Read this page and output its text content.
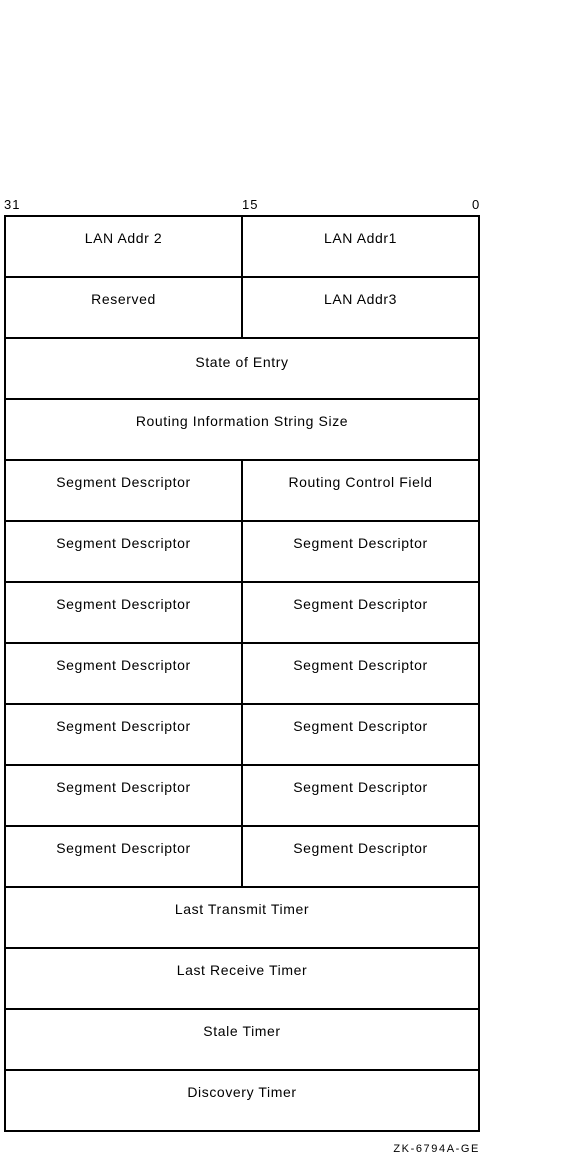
31	15	0
LAN Addr 2	LAN Addr1
Reserved	LAN Addr3
State of Entry
Routing Information String Size
Segment Descriptor	Routing Control Field
Segment Descriptor	Segment Descriptor
Segment Descriptor	Segment Descriptor
Segment Descriptor	Segment Descriptor
Segment Descriptor	Segment Descriptor
Segment Descriptor	Segment Descriptor
Segment Descriptor	Segment Descriptor
Last Transmit Timer
Last Receive Timer
Stale Timer
Discovery Timer
ZK-6794A-GE
